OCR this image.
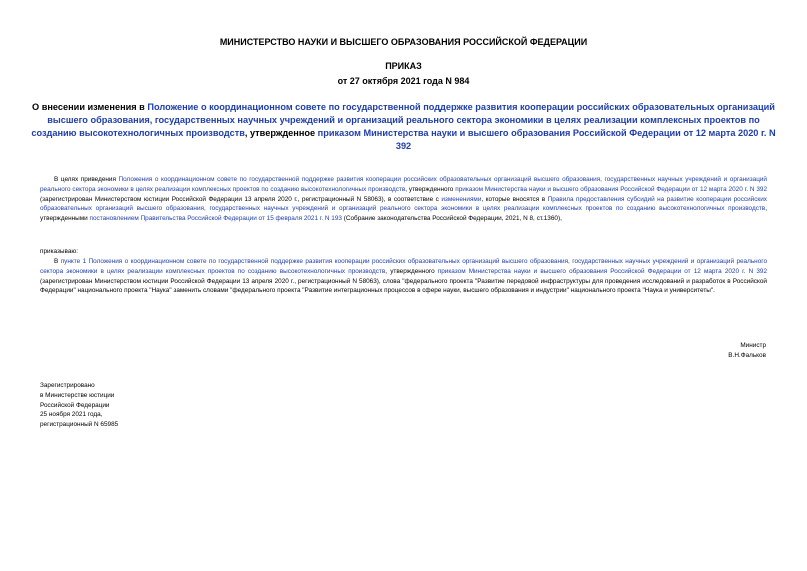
МИНИСТЕРСТВО НАУКИ И ВЫСШЕГО ОБРАЗОВАНИЯ РОССИЙСКОЙ ФЕДЕРАЦИИ
ПРИКАЗ
от 27 октября 2021 года N 984
О внесении изменения в Положение о координационном совете по государственной поддержке развития кооперации российских образовательных организаций высшего образования, государственных научных учреждений и организаций реального сектора экономики в целях реализации комплексных проектов по созданию высокотехнологичных производств, утвержденное приказом Министерства науки и высшего образования Российской Федерации от 12 марта 2020 г. N 392

В целях приведения Положения о координационном совете по государственной поддержке развития кооперации российских образовательных организаций высшего образования, государственных научных учреждений и организаций реального сектора экономики в целях реализации комплексных проектов по созданию высокотехнологичных производств, утвержденного приказом Министерства науки и высшего образования Российской Федерации от 12 марта 2020 г. N 392 (зарегистрирован Министерством юстиции Российской Федерации 13 апреля 2020 г., регистрационный N 58063), в соответствие с изменениями, которые вносятся в Правила предоставления субсидий на развитие кооперации российских образовательных организаций высшего образования, государственных научных учреждений и организаций реального сектора экономики в целях реализации комплексных проектов по созданию высокотехнологичных производств, утвержденными постановлением Правительства Российской Федерации от 15 февраля 2021 г. N 193 (Собрание законодательства Российской Федерации, 2021, N 8, ст.1360),

приказываю:

В пункте 1 Положения о координационном совете по государственной поддержке развития кооперации российских образовательных организаций высшего образования, государственных научных учреждений и организаций реального сектора экономики в целях реализации комплексных проектов по созданию высокотехнологичных производств, утвержденного приказом Министерства науки и высшего образования Российской Федерации от 12 марта 2020 г. N 392 (зарегистрирован Министерством юстиции Российской Федерации 13 апреля 2020 г., регистрационный N 58063), слова "федерального проекта "Развитие передовой инфраструктуры для проведения исследований и разработок в Российской Федерации" национального проекта "Наука" заменить словами "федерального проекта "Развитие интеграционных процессов в сфере науки, высшего образования и индустрии" национального проекта "Наука и университеты".

Министр
В.Н.Фальков
Зарегистрировано
в Министерстве юстиции
Российской Федерации
25 ноября 2021 года,
регистрационный N 65985
